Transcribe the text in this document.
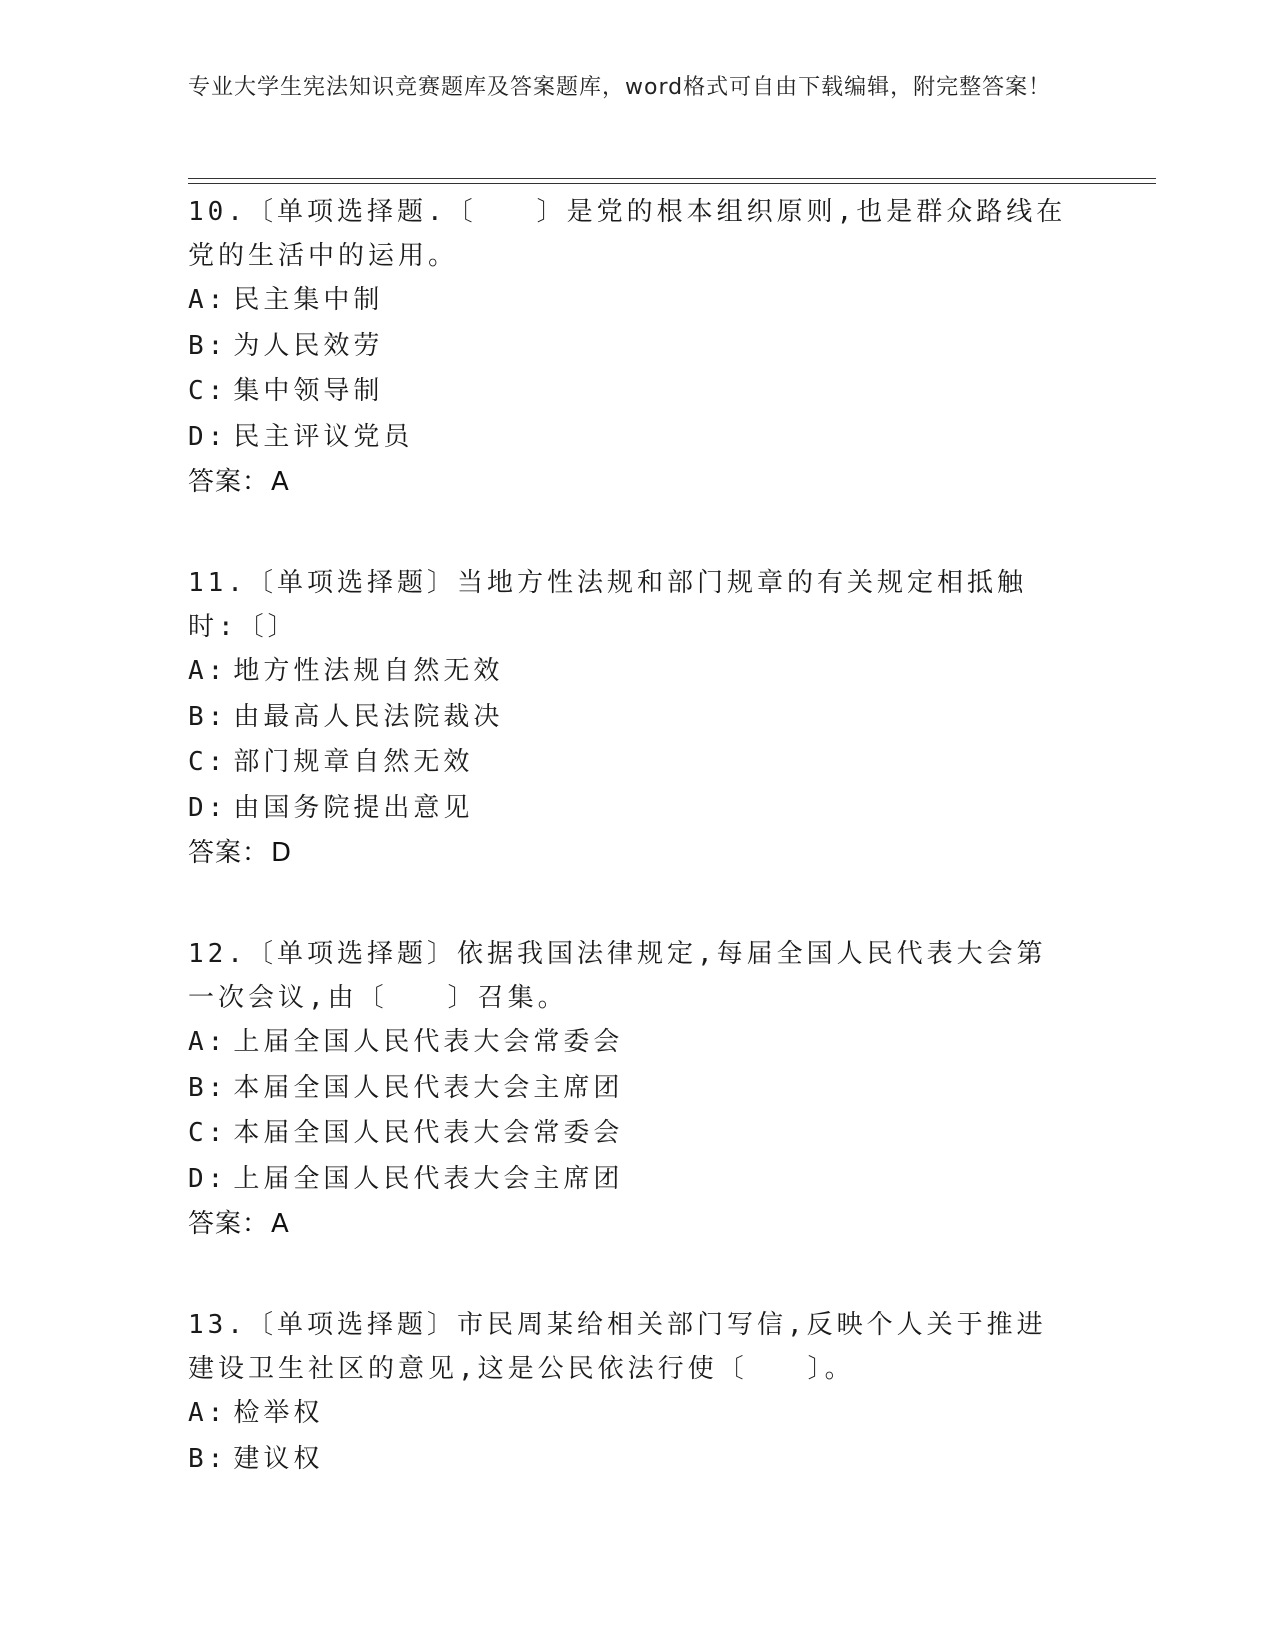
专业大学生宪法知识竞赛题库及答案题库，word格式可自由下载编辑，附完整答案！

10.〔单项选择题.〔　　〕是党的根本组织原则,也是群众路线在党的生活中的运用。

A: 民主集中制

B: 为人民效劳

C: 集中领导制

D: 民主评议党员

答案：A

11.〔单项选择题〕当地方性法规和部门规章的有关规定相抵触时:〔〕

A: 地方性法规自然无效

B: 由最高人民法院裁决

C: 部门规章自然无效

D: 由国务院提出意见

答案：D

12.〔单项选择题〕依据我国法律规定,每届全国人民代表大会第一次会议,由〔　　〕召集。

A: 上届全国人民代表大会常委会

B: 本届全国人民代表大会主席团

C: 本届全国人民代表大会常委会

D: 上届全国人民代表大会主席团

答案：A

13.〔单项选择题〕市民周某给相关部门写信,反映个人关于推进建设卫生社区的意见,这是公民依法行使〔　　〕。

A: 检举权

B: 建议权
